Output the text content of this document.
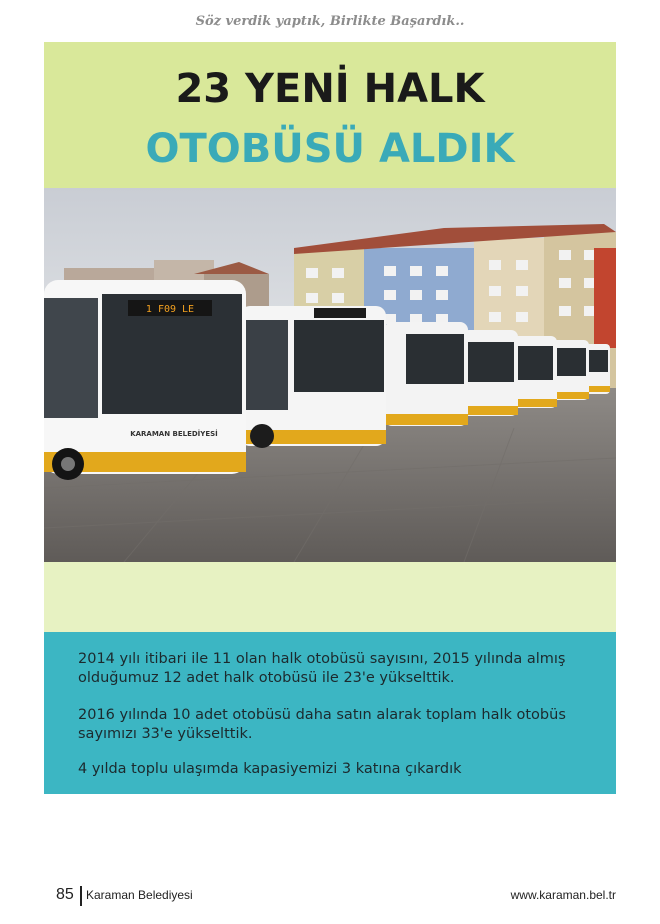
Söz verdik yaptık, Birlikte Başardık..
23 YENİ HALK
OTOBÜSÜ ALDIK
1 F09 LE
KARAMAN BELEDİYESİ

2014 yılı itibari ile 11 olan halk otobüsü sayısını, 2015 yılında almış olduğumuz 12 adet halk otobüsü ile 23'e yükselttik.

2016 yılında 10 adet otobüsü daha satın alarak toplam halk otobüs sayımızı 33'e yükselttik.

4 yılda toplu ulaşımda kapasiyemizi 3 katına çıkardık

85 Karaman Belediyesi	www.karaman.bel.tr
